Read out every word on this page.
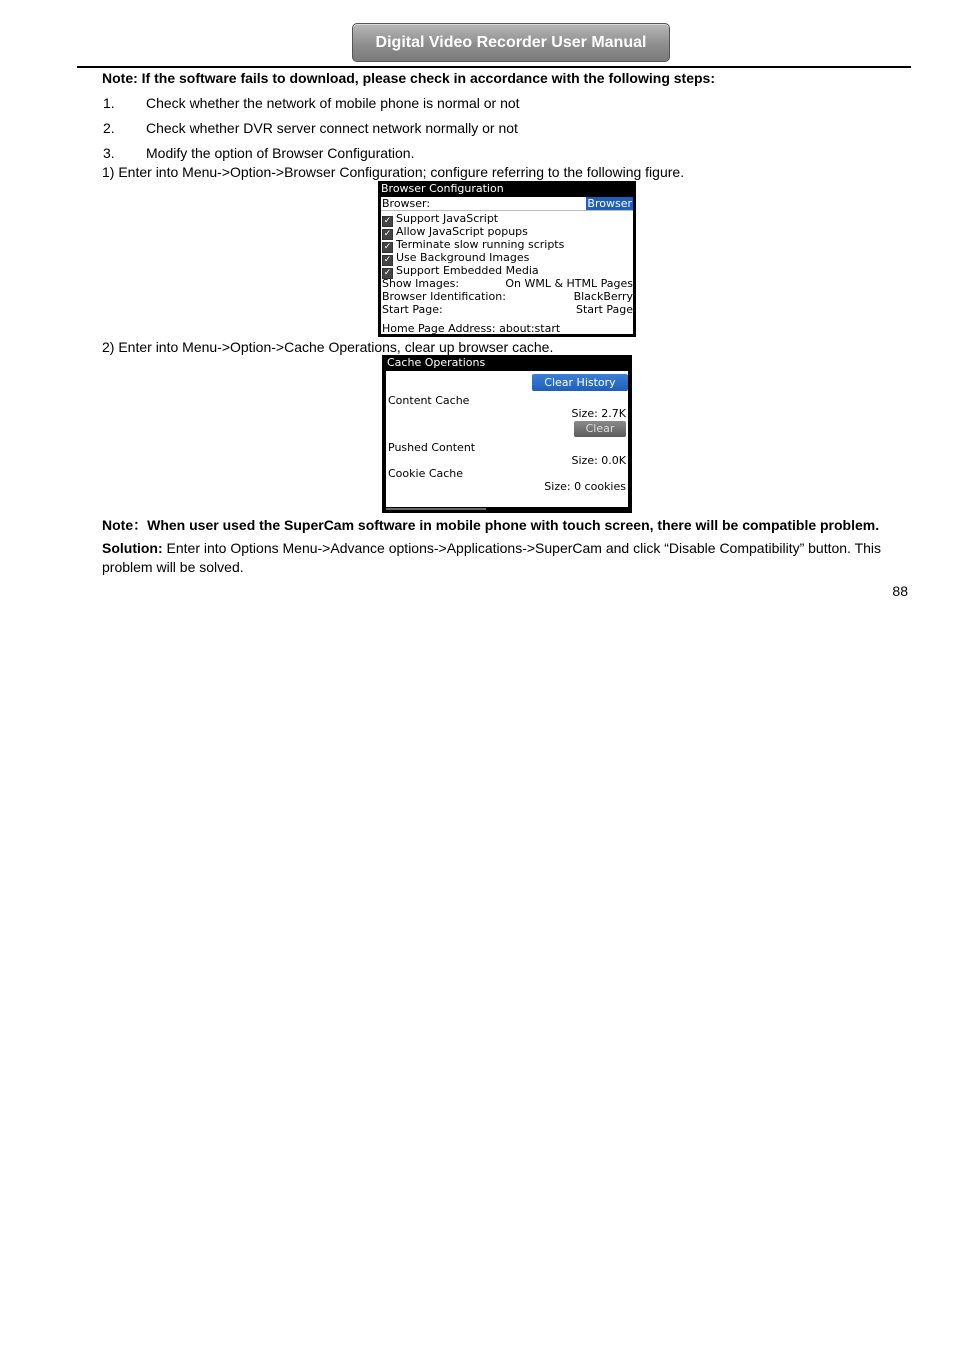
Digital Video Recorder User Manual
Note: If the software fails to download, please check in accordance with the following steps:
1. Check whether the network of mobile phone is normal or not
2. Check whether DVR server connect network normally or not
3. Modify the option of Browser Configuration.
1) Enter into Menu->Option->Browser Configuration; configure referring to the following figure.
Browser Configuration
Browser:	Browser
✓ Support JavaScript
✓ Allow JavaScript popups
✓ Terminate slow running scripts
✓ Use Background Images
✓ Support Embedded Media
Show Images:	On WML & HTML Pages
Browser Identification:	BlackBerry
Start Page:	Start Page
Home Page Address: about:start
2) Enter into Menu->Option->Cache Operations, clear up browser cache.
Cache Operations
Clear History
Content Cache
Size: 2.7K
Clear
Pushed Content
Size: 0.0K
Cookie Cache
Size: 0 cookies
Note：When user used the SuperCam software in mobile phone with touch screen, there will be compatible problem.
Solution: Enter into Options Menu->Advance options->Applications->SuperCam and click “Disable Compatibility” button. This
problem will be solved.
88
